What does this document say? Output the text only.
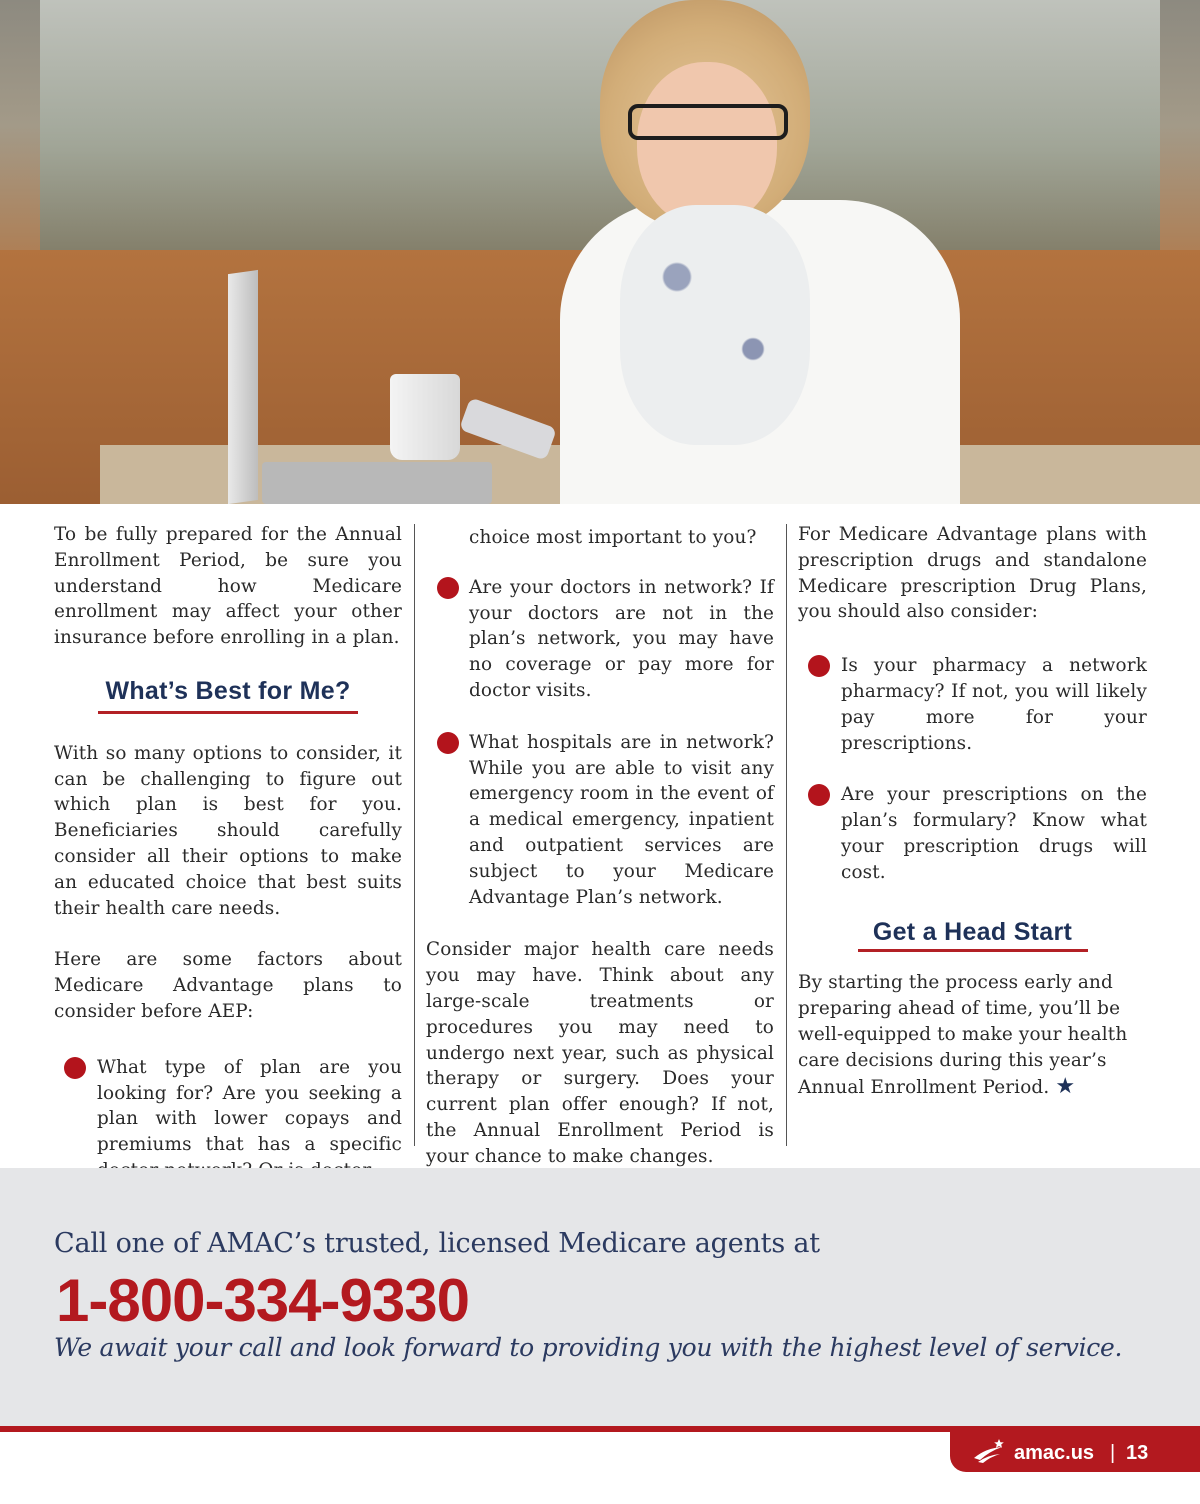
To be fully prepared for the Annual Enrollment Period, be sure you understand how Medicare enrollment may affect your other insurance before enrolling in a plan.

What’s Best for Me?

With so many options to consider, it can be challenging to figure out which plan is best for you. Beneficiaries should carefully consider all their options to make an educated choice that best suits their health care needs.

Here are some factors about Medicare Advantage plans to consider before AEP:

What type of plan are you looking for? Are you seeking a plan with lower copays and premiums that has a specific

choice most important to you?

Are your doctors in network? If your doctors are not in the plan’s network, you may have no coverage or pay more for doctor visits.

What hospitals are in network? While you are able to visit any emergency room in the event of a medical emergency, inpatient and outpatient services are subject to your Medicare Advantage Plan’s network.

Consider major health care needs you may have. Think about any large-scale treatments or procedures you may need to undergo next year, such as physical therapy or surgery. Does your current plan offer enough? If not, the Annual Enrollment Period is your chance to make changes.

For Medicare Advantage plans with prescription drugs and standalone Medicare prescription Drug Plans, you should also consider:

Is your pharmacy a network pharmacy? If not, you will likely pay more for your prescriptions.

Are your prescriptions on the plan’s formulary? Know what your prescription drugs will cost.

Get a Head Start

By starting the process early and preparing ahead of time, you’ll be well-equipped to make your health care decisions during this year’s Annual Enrollment Period. ★

Call one of AMAC’s trusted, licensed Medicare agents at
1-800-334-9330
We await your call and look forward to providing you with the highest level of service.
amac.us | 13
